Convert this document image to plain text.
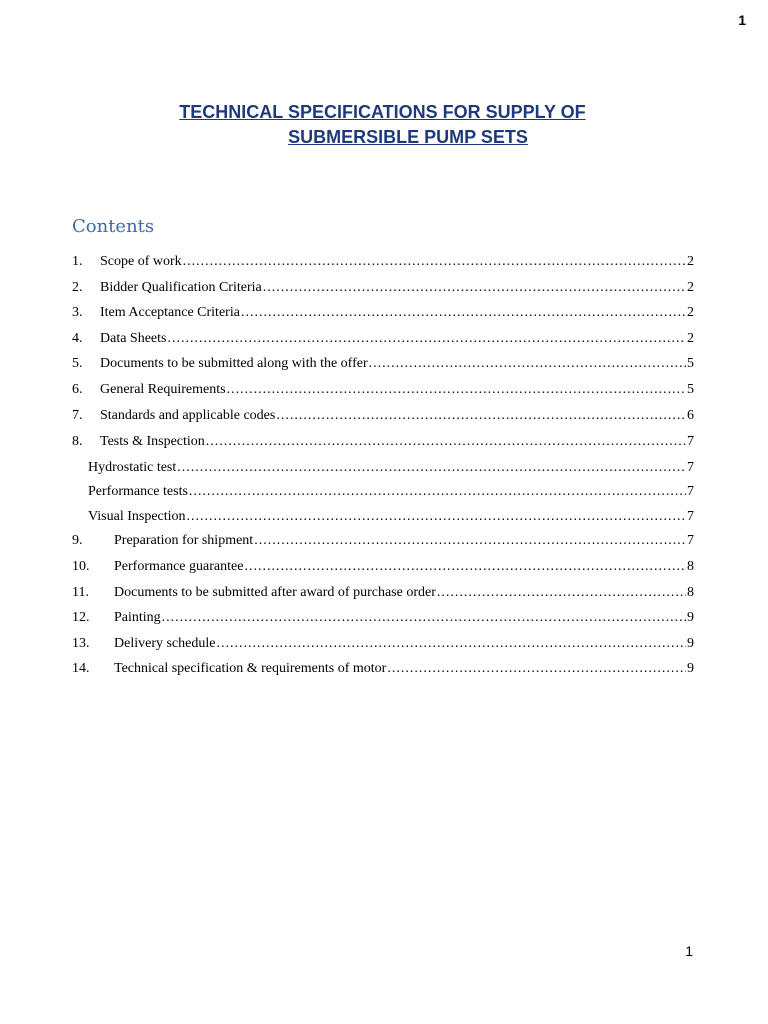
1
TECHNICAL SPECIFICATIONS FOR SUPPLY OF
SUBMERSIBLE PUMP SETS
Contents
1.	Scope of work .....	2
2.	Bidder Qualification Criteria .....	2
3.	Item Acceptance Criteria .....	2
4.	Data Sheets .....	2
5.	Documents to be submitted along with the offer .....	5
6.	General Requirements .....	5
7.	Standards and applicable codes .....	6
8.	Tests & Inspection .....	7
Hydrostatic test .....	7
Performance tests .....	7
Visual Inspection .....	7
9.	Preparation for shipment .....	7
10.	Performance guarantee .....	8
11.	Documents to be submitted after award of purchase order .....	8
12.	Painting .....	9
13.	Delivery schedule .....	9
14.	Technical specification & requirements of motor .....	9
1
